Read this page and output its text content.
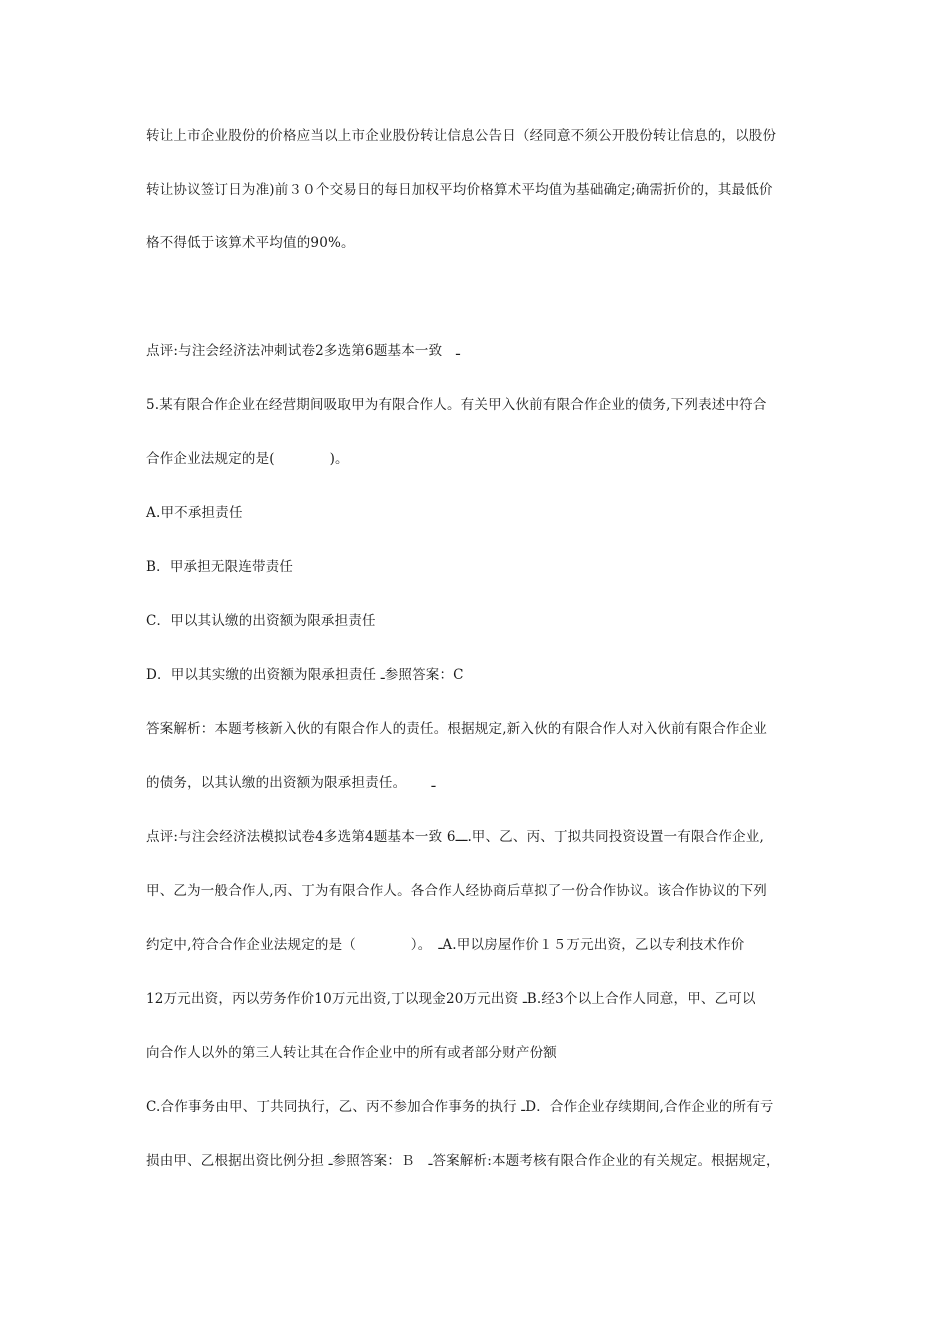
转让上市企业股份的价格应当以上市企业股份转让信息公告日（经同意不须公开股份转让信息的，以股份
转让协议签订日为准)前３０个交易日的每日加权平均价格算术平均值为基础确定;确需折价的，其最低价
格不得低于该算术平均值的90%。
点评:与注会经济法冲刺试卷2多选第6题基本一致　ـ
5.某有限合作企业在经营期间吸取甲为有限合作人。有关甲入伙前有限合作企业的债务,下列表述中符合
合作企业法规定的是(　　　　)。
A.甲不承担责任
B．甲承担无限连带责任
C．甲以其认缴的出资额为限承担责任
D．甲以其实缴的出资额为限承担责任 ـ参照答案：C
答案解析：本题考核新入伙的有限合作人的责任。根据规定,新入伙的有限合作人对入伙前有限合作企业
的债务，以其认缴的出资额为限承担责任。　　 ـ
点评:与注会经济法模拟试卷4多选第4题基本一致 6ـــ.甲、乙、丙、丁拟共同投资设置一有限合作企业,
甲、乙为一般合作人,丙、丁为有限合作人。各合作人经协商后草拟了一份合作协议。该合作协议的下列
约定中,符合合作企业法规定的是（　　　　）。　ـA.甲以房屋作价１５万元出资，乙以专利技术作价
12万元出资，丙以劳务作价10万元出资,丁以现金20万元出资 ـB.经3个以上合作人同意，甲、乙可以
向合作人以外的第三人转让其在合作企业中的所有或者部分财产份额
C.合作事务由甲、丁共同执行，乙、丙不参加合作事务的执行 ـD．合作企业存续期间,合作企业的所有亏
损由甲、乙根据出资比例分担 ـ参照答案：Ｂ　ـ答案解析:本题考核有限合作企业的有关规定。根据规定，
